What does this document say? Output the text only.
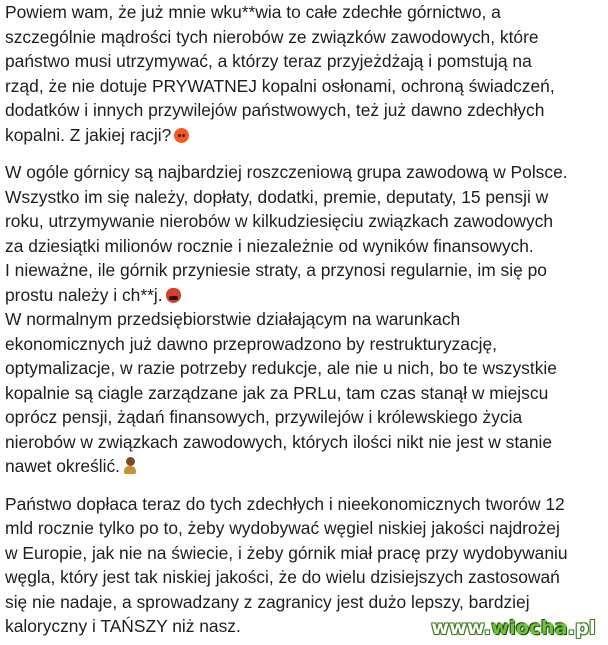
Powiem wam, że już mnie wku**wia to całe zdechłe górnictwo, a
szczególnie mądrości tych nierobów ze związków zawodowych, które
państwo musi utrzymywać, a którzy teraz przyjeżdżają i pomstują na
rząd, że nie dotuje PRYWATNEJ kopalni osłonami, ochroną świadczeń,
dodatków i innych przywilejów państwowych, też już dawno zdechłych
kopalni. Z jakiej racji?

W ogóle górnicy są najbardziej roszczeniową grupa zawodową w Polsce.
Wszystko im się należy, dopłaty, dodatki, premie, deputaty, 15 pensji w
roku, utrzymywanie nierobów w kilkudziesięciu związkach zawodowych
za dziesiątki milionów rocznie i niezależnie od wyników finansowych.
I nieważne, ile górnik przyniesie straty, a przynosi regularnie, im się po
prostu należy i ch**j.

W normalnym przedsiębiorstwie działającym na warunkach
ekonomicznych już dawno przeprowadzono by restrukturyzację,
optymalizacje, w razie potrzeby redukcje, ale nie u nich, bo te wszystkie
kopalnie są ciagle zarządzane jak za PRLu, tam czas stanął w miejscu
oprócz pensji, żądań finansowych, przywilejów i królewskiego życia
nierobów w związkach zawodowych, których ilości nikt nie jest w stanie
nawet określić.

Państwo dopłaca teraz do tych zdechłych i nieekonomicznych tworów 12
mld rocznie tylko po to, żeby wydobywać węgiel niskiej jakości najdrożej
w Europie, jak nie na świecie, i żeby górnik miał pracę przy wydobywaniu
węgla, który jest tak niskiej jakości, że do wielu dzisiejszych zastosowań
się nie nadaje, a sprowadzany z zagranicy jest dużo lepszy, bardziej
kaloryczny i TAŃSZY niż nasz.	www.wiocha.pl
